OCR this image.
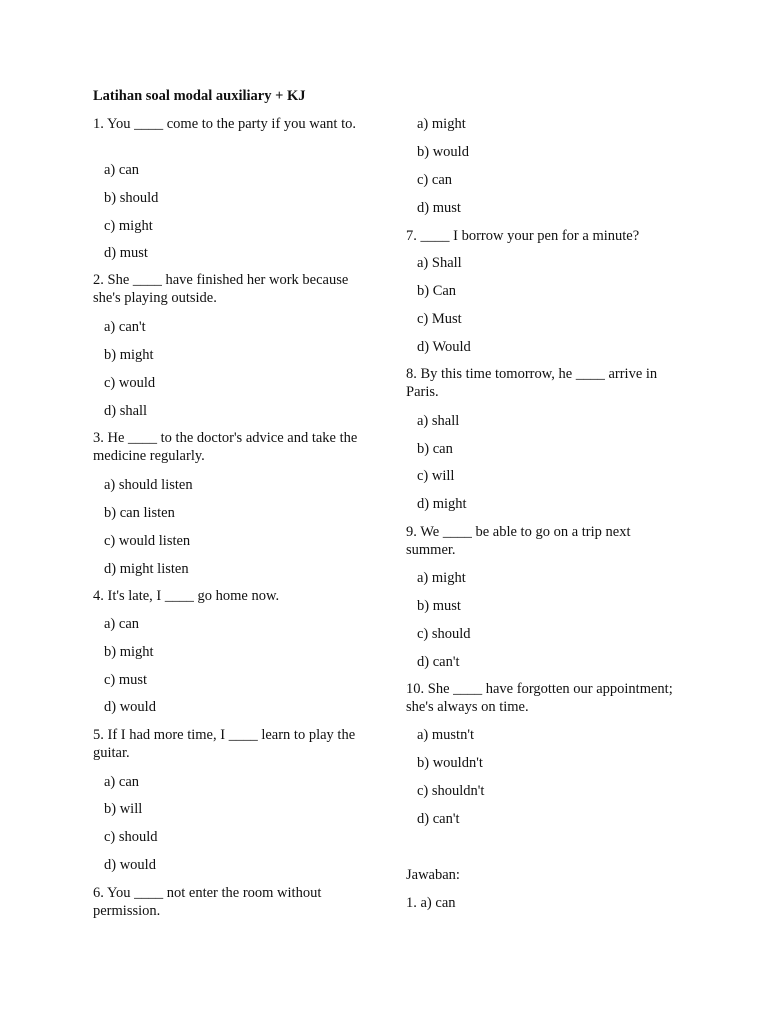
Latihan soal modal auxiliary + KJ
1. You ____ come to the party if you want to.
a) can
b) should
c) might
d) must
2. She ____ have finished her work because she's playing outside.
a) can't
b) might
c) would
d) shall
3. He ____ to the doctor's advice and take the medicine regularly.
a) should listen
b) can listen
c) would listen
d) might listen
4. It's late, I ____ go home now.
a) can
b) might
c) must
d) would
5. If I had more time, I ____ learn to play the guitar.
a) can
b) will
c) should
d) would
6. You ____ not enter the room without permission.
a) might
b) would
c) can
d) must
7. ____ I borrow your pen for a minute?
a) Shall
b) Can
c) Must
d) Would
8. By this time tomorrow, he ____ arrive in Paris.
a) shall
b) can
c) will
d) might
9. We ____ be able to go on a trip next summer.
a) might
b) must
c) should
d) can't
10. She ____ have forgotten our appointment; she's always on time.
a) mustn't
b) wouldn't
c) shouldn't
d) can't
Jawaban:
1. a) can
